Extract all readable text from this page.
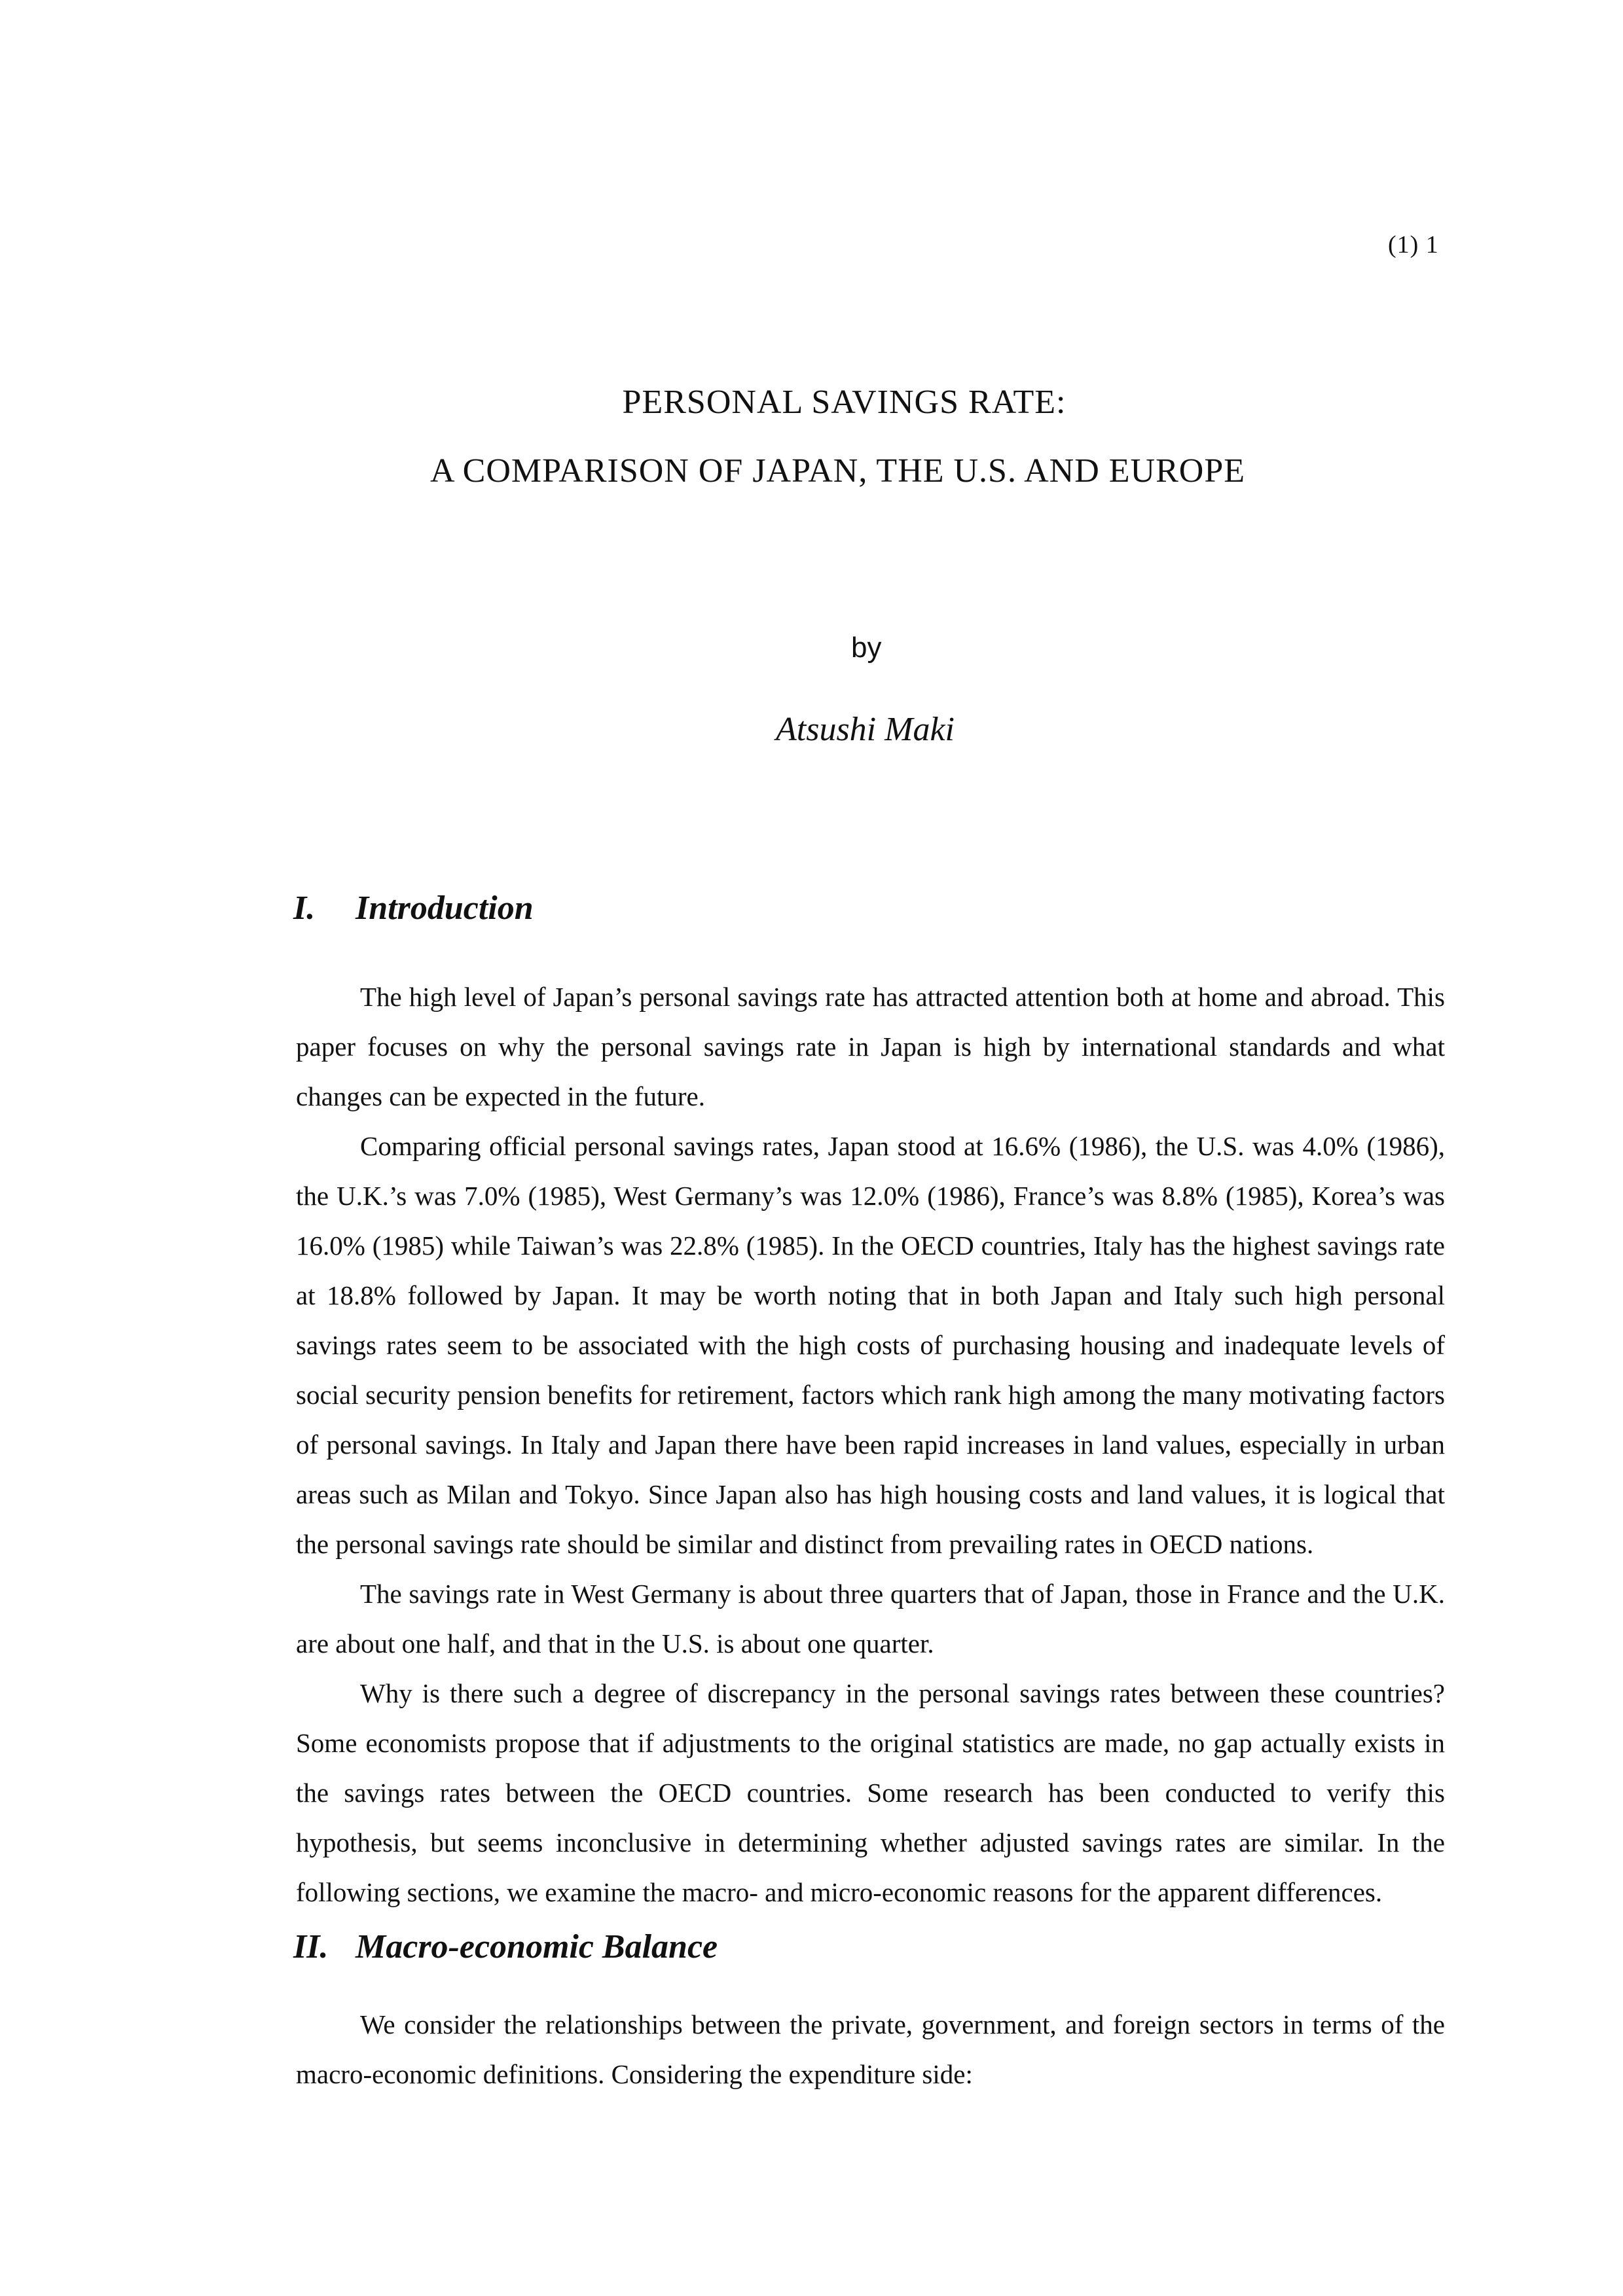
(1) 1
PERSONAL SAVINGS RATE:
A COMPARISON OF JAPAN, THE U.S. AND EUROPE
by
Atsushi Maki
I. Introduction

The high level of Japan’s personal savings rate has attracted attention both at home and abroad. This paper focuses on why the personal savings rate in Japan is high by international standards and what changes can be expected in the future.

Comparing official personal savings rates, Japan stood at 16.6% (1986), the U.S. was 4.0% (1986), the U.K.’s was 7.0% (1985), West Germany’s was 12.0% (1986), France’s was 8.8% (1985), Korea’s was 16.0% (1985) while Taiwan’s was 22.8% (1985). In the OECD countries, Italy has the highest savings rate at 18.8% followed by Japan. It may be worth noting that in both Japan and Italy such high personal savings rates seem to be associated with the high costs of purchasing housing and inadequate levels of social security pension benefits for retirement, factors which rank high among the many motivating factors of personal savings. In Italy and Japan there have been rapid increases in land values, especially in urban areas such as Milan and Tokyo. Since Japan also has high housing costs and land values, it is logical that the personal savings rate should be similar and distinct from prevailing rates in OECD nations.

The savings rate in West Germany is about three quarters that of Japan, those in France and the U.K. are about one half, and that in the U.S. is about one quarter.

Why is there such a degree of discrepancy in the personal savings rates between these countries? Some economists propose that if adjustments to the original statistics are made, no gap actually exists in the savings rates between the OECD countries. Some research has been conducted to verify this hypothesis, but seems inconclusive in determining whether adjusted savings rates are similar. In the following sections, we examine the macro- and micro-economic reasons for the apparent differences.

II. Macro-economic Balance

We consider the relationships between the private, government, and foreign sectors in terms of the macro-economic definitions. Considering the expenditure side:
